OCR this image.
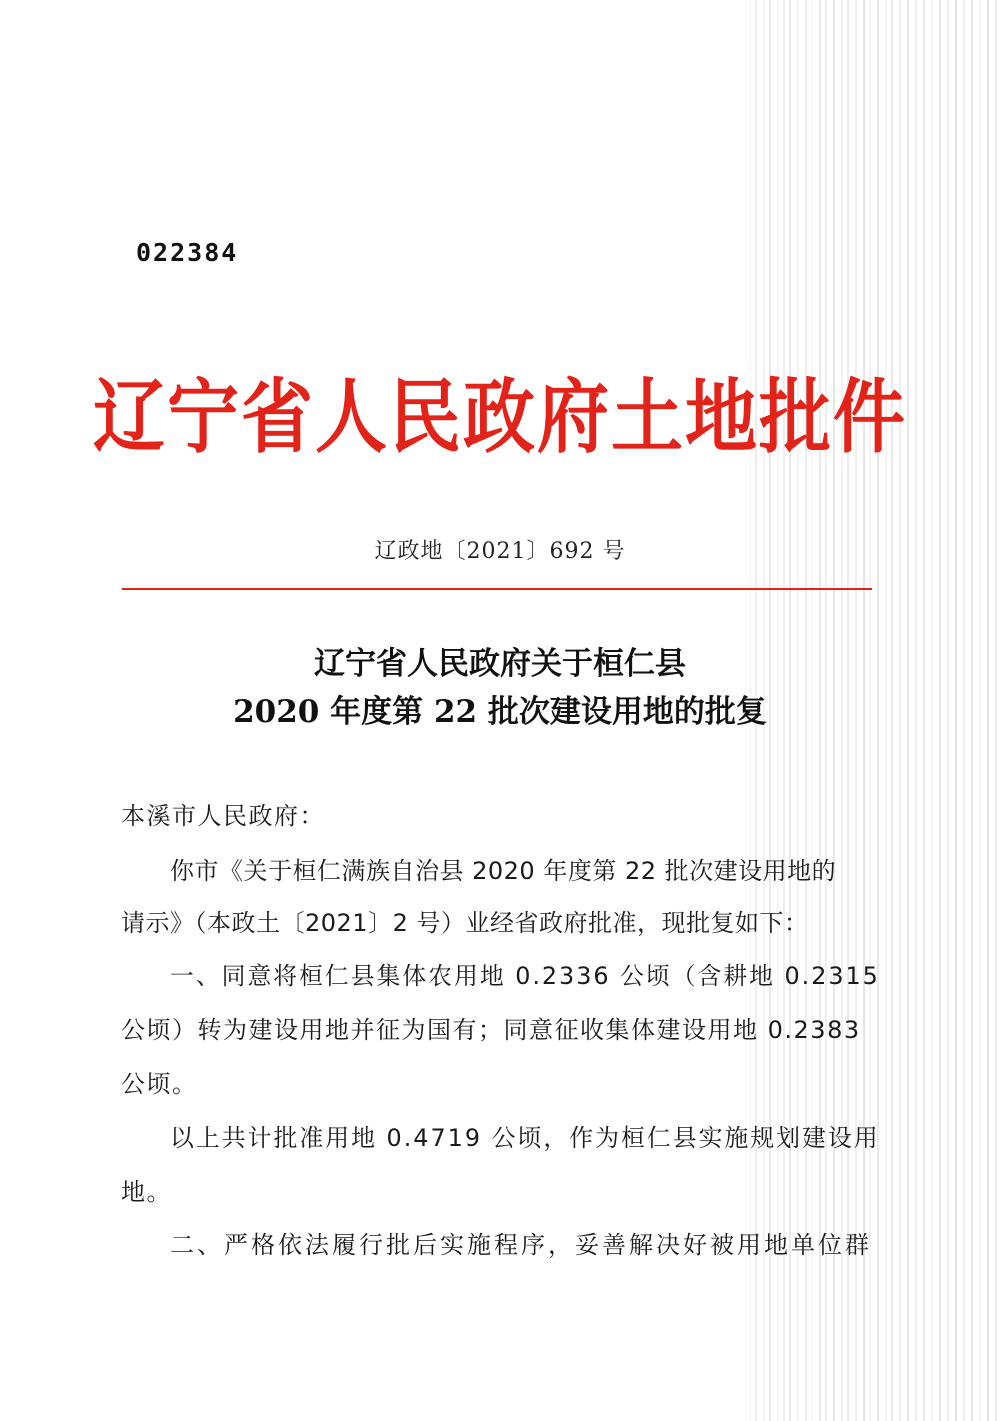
022384
辽宁省人民政府土地批件
辽政地〔2021〕692 号
辽宁省人民政府关于桓仁县
2020 年度第 22 批次建设用地的批复
本溪市人民政府：
你市《关于桓仁满族自治县 2020 年度第 22 批次建设用地的
请示》（本政土〔2021〕2 号）业经省政府批准，现批复如下：
一、同意将桓仁县集体农用地 0.2336 公顷（含耕地 0.2315
公顷）转为建设用地并征为国有；同意征收集体建设用地 0.2383
公顷。
以上共计批准用地 0.4719 公顷，作为桓仁县实施规划建设用
地。
二、严格依法履行批后实施程序，妥善解决好被用地单位群
